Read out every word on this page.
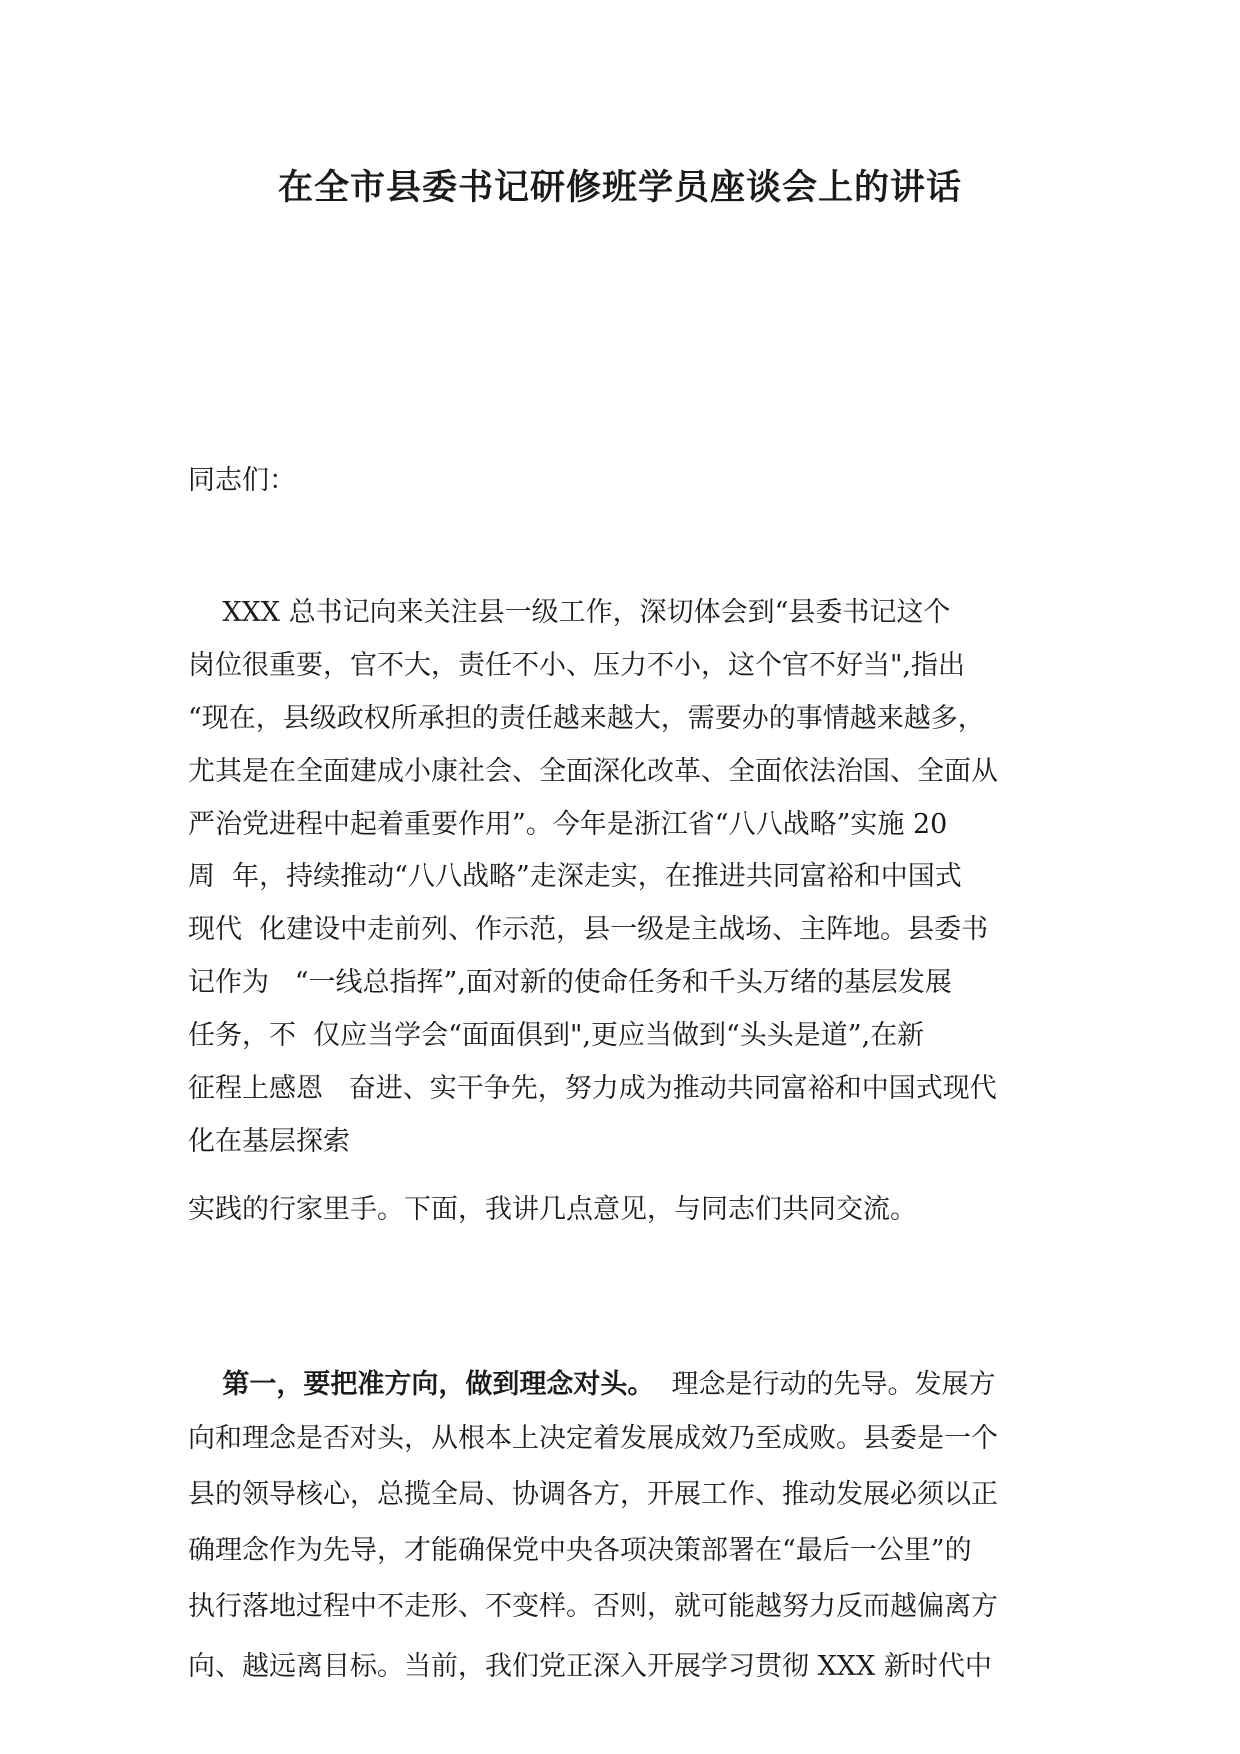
在全市县委书记研修班学员座谈会上的讲话

同志们：

XXX 总书记向来关注县一级工作，深切体会到“县委书记这个

岗位很重要，官不大，责任不小、压力不小，这个官不好当",指出

“现在，县级政权所承担的责任越来越大，需要办的事情越来越多，

尤其是在全面建成小康社会、全面深化改革、全面依法治国、全面从

严治党进程中起着重要作用”。今年是浙江省“八八战略”实施 20

周  年，持续推动“八八战略”走深走实，在推进共同富裕和中国式

现代  化建设中走前列、作示范，县一级是主战场、主阵地。县委书

记作为   “一线总指挥”,面对新的使命任务和千头万绪的基层发展

任务，不  仅应当学会“面面俱到",更应当做到“头头是道”,在新

征程上感恩   奋进、实干争先，努力成为推动共同富裕和中国式现代

化在基层探索

实践的行家里手。下面，我讲几点意见，与同志们共同交流。

第一，要把准方向，做到理念对头。  理念是行动的先导。发展方

向和理念是否对头，从根本上决定着发展成效乃至成败。县委是一个

县的领导核心，总揽全局、协调各方，开展工作、推动发展必须以正

确理念作为先导，才能确保党中央各项决策部署在“最后一公里”的

执行落地过程中不走形、不变样。否则，就可能越努力反而越偏离方

向、越远离目标。当前，我们党正深入开展学习贯彻 XXX 新时代中
